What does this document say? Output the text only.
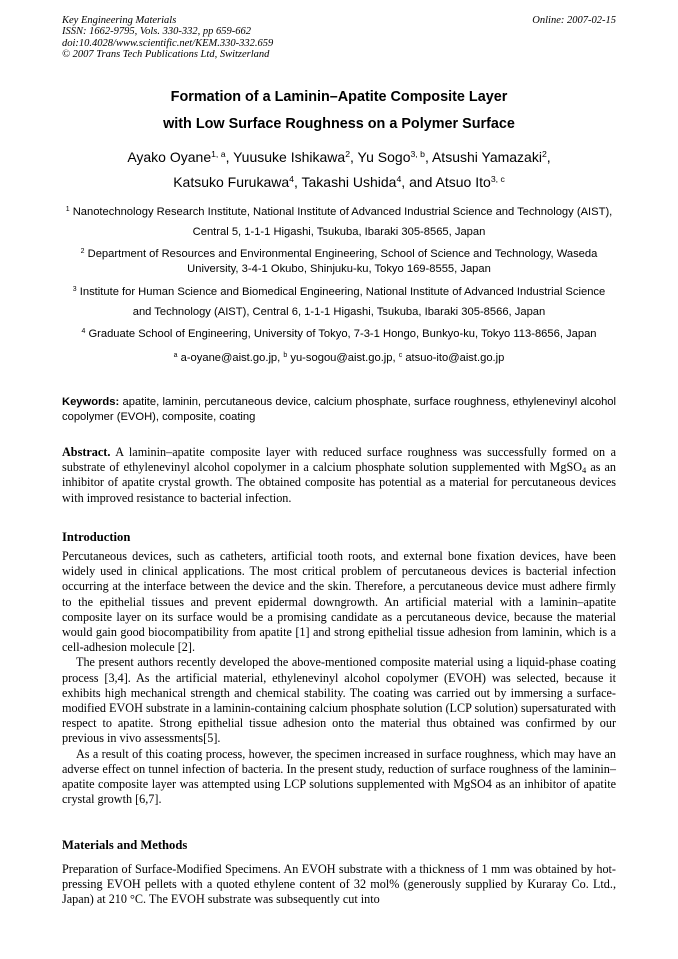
Key Engineering Materials
ISSN: 1662-9795, Vols. 330-332, pp 659-662
doi:10.4028/www.scientific.net/KEM.330-332.659
© 2007 Trans Tech Publications Ltd, Switzerland
Online: 2007-02-15
Formation of a Laminin–Apatite Composite Layer
with Low Surface Roughness on a Polymer Surface
Ayako Oyane$^{1, a}$, Yuusuke Ishikawa$^2$, Yu Sogo$^{3, b}$, Atsushi Yamazaki$^2$,
Katsuko Furukawa$^4$, Takashi Ushida$^4$, and Atsuo Ito$^{3, c}$
$^1$ Nanotechnology Research Institute, National Institute of Advanced Industrial Science and Technology (AIST), Central 5, 1-1-1 Higashi, Tsukuba, Ibaraki 305-8565, Japan
$^2$ Department of Resources and Environmental Engineering, School of Science and Technology, Waseda University, 3-4-1 Okubo, Shinjuku-ku, Tokyo 169-8555, Japan
$^3$ Institute for Human Science and Biomedical Engineering, National Institute of Advanced Industrial Science and Technology (AIST), Central 6, 1-1-1 Higashi, Tsukuba, Ibaraki 305-8566, Japan
$^4$ Graduate School of Engineering, University of Tokyo, 7-3-1 Hongo, Bunkyo-ku, Tokyo 113-8656, Japan
$^a$ a-oyane@aist.go.jp, $^b$ yu-sogou@aist.go.jp, $^c$ atsuo-ito@aist.go.jp
Keywords: apatite, laminin, percutaneous device, calcium phosphate, surface roughness, ethylenevinyl alcohol copolymer (EVOH), composite, coating
Abstract. A laminin–apatite composite layer with reduced surface roughness was successfully formed on a substrate of ethylenevinyl alcohol copolymer in a calcium phosphate solution supplemented with MgSO$_4$ as an inhibitor of apatite crystal growth. The obtained composite has potential as a material for percutaneous devices with improved resistance to bacterial infection.
Introduction

Percutaneous devices, such as catheters, artificial tooth roots, and external bone fixation devices, have been widely used in clinical applications. The most critical problem of percutaneous devices is bacterial infection occurring at the interface between the device and the skin. Therefore, a percutaneous device must adhere firmly to the epithelial tissues and prevent epidermal downgrowth. An artificial material with a laminin–apatite composite layer on its surface would be a promising candidate as a percutaneous device, because the material would gain good biocompatibility from apatite [1] and strong epithelial tissue adhesion from laminin, which is a cell-adhesion molecule [2].

The present authors recently developed the above-mentioned composite material using a liquid-phase coating process [3,4]. As the artificial material, ethylenevinyl alcohol copolymer (EVOH) was selected, because it exhibits high mechanical strength and chemical stability. The coating was carried out by immersing a surface-modified EVOH substrate in a laminin-containing calcium phosphate solution (LCP solution) supersaturated with respect to apatite. Strong epithelial tissue adhesion onto the material thus obtained was confirmed by our previous in vivo assessments[5].

As a result of this coating process, however, the specimen increased in surface roughness, which may have an adverse effect on tunnel infection of bacteria. In the present study, reduction of surface roughness of the laminin–apatite composite layer was attempted using LCP solutions supplemented with MgSO4 as an inhibitor of apatite crystal growth [6,7].

Materials and Methods
Preparation of Surface-Modified Specimens. An EVOH substrate with a thickness of 1 mm was obtained by hot-pressing EVOH pellets with a quoted ethylene content of 32 mol% (generously supplied by Kuraray Co. Ltd., Japan) at 210 °C. The EVOH substrate was subsequently cut into
